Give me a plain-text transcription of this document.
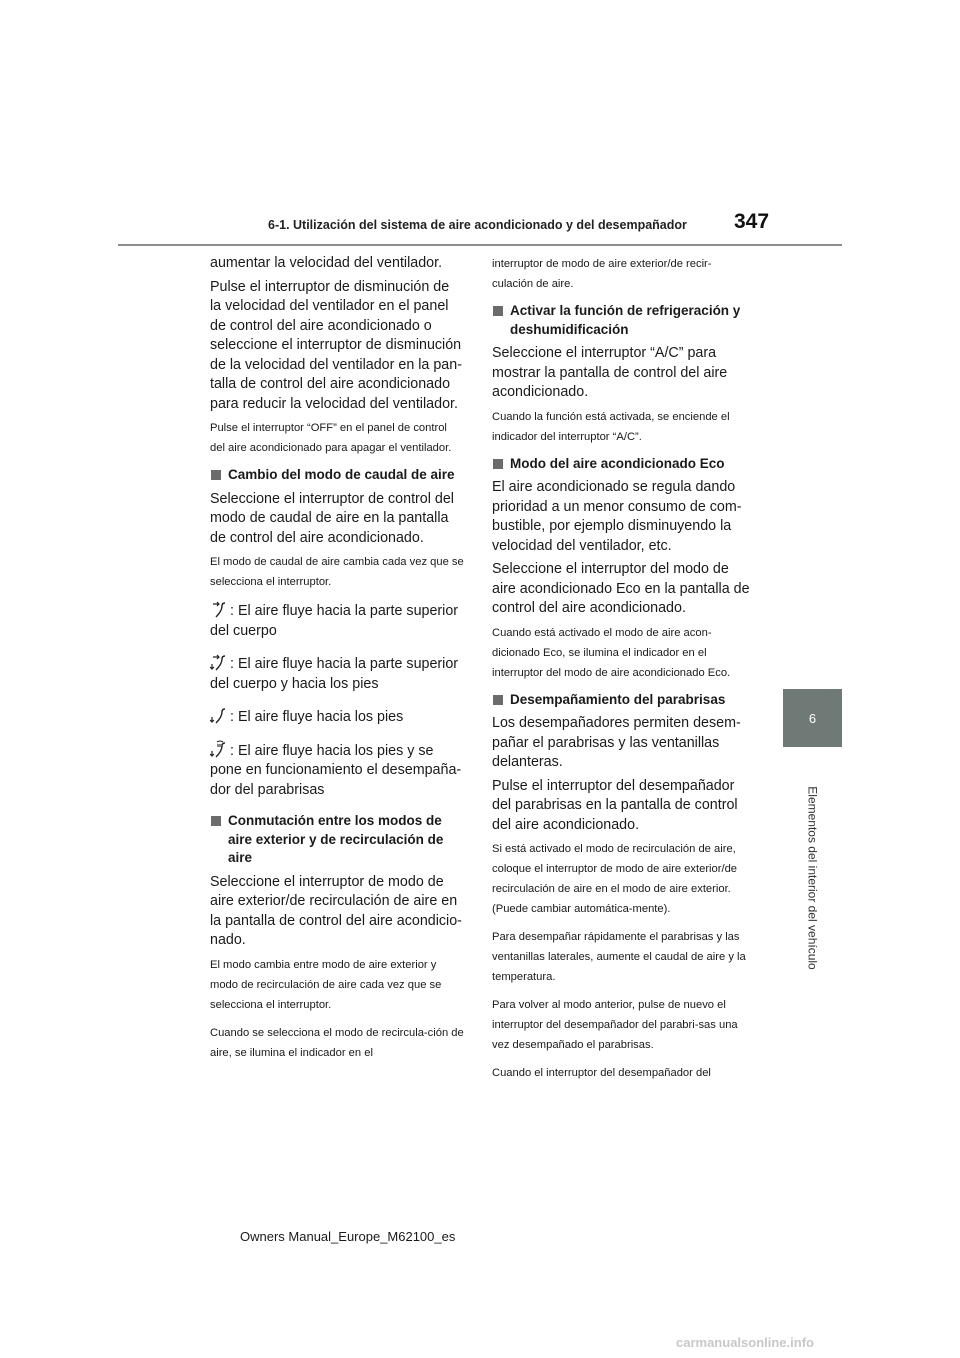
6-1. Utilización del sistema de aire acondicionado y del desempañador	347
6
Elementos del interior del vehículo

aumentar la velocidad del ventilador.

Pulse el interruptor de disminución de la velocidad del ventilador en el panel de control del aire acondicionado o seleccione el interruptor de disminución de la velocidad del ventilador en la pan-talla de control del aire acondicionado para reducir la velocidad del ventilador.

Pulse el interruptor “OFF” en el panel de control del aire acondicionado para apagar el ventilador.

Cambio del modo de caudal de aire

Seleccione el interruptor de control del modo de caudal de aire en la pantalla de control del aire acondicionado.

El modo de caudal de aire cambia cada vez que se selecciona el interruptor.

: El aire fluye hacia la parte superior del cuerpo
: El aire fluye hacia la parte superior del cuerpo y hacia los pies
: El aire fluye hacia los pies
: El aire fluye hacia los pies y se pone en funcionamiento el desempaña-dor del parabrisas
Conmutación entre los modos de aire exterior y de recirculación de aire

Seleccione el interruptor de modo de aire exterior/de recirculación de aire en la pantalla de control del aire acondicio-nado.

El modo cambia entre modo de aire exterior y modo de recirculación de aire cada vez que se selecciona el interruptor.

Cuando se selecciona el modo de recircula-ción de aire, se ilumina el indicador en el

interruptor de modo de aire exterior/de recir-culación de aire.

Activar la función de refrigeración y deshumidificación

Seleccione el interruptor “A/C” para mostrar la pantalla de control del aire acondicionado.

Cuando la función está activada, se enciende el indicador del interruptor “A/C”.

Modo del aire acondicionado Eco

El aire acondicionado se regula dando prioridad a un menor consumo de com-bustible, por ejemplo disminuyendo la velocidad del ventilador, etc.

Seleccione el interruptor del modo de aire acondicionado Eco en la pantalla de control del aire acondicionado.

Cuando está activado el modo de aire acon-dicionado Eco, se ilumina el indicador en el interruptor del modo de aire acondicionado Eco.

Desempañamiento del parabrisas

Los desempañadores permiten desem-pañar el parabrisas y las ventanillas delanteras.

Pulse el interruptor del desempañador del parabrisas en la pantalla de control del aire acondicionado.

Si está activado el modo de recirculación de aire, coloque el interruptor de modo de aire exterior/de recirculación de aire en el modo de aire exterior. (Puede cambiar automática-mente).

Para desempañar rápidamente el parabrisas y las ventanillas laterales, aumente el caudal de aire y la temperatura.

Para volver al modo anterior, pulse de nuevo el interruptor del desempañador del parabri-sas una vez desempañado el parabrisas.

Cuando el interruptor del desempañador del

Owners Manual_Europe_M62100_es
carmanualsonline.info
